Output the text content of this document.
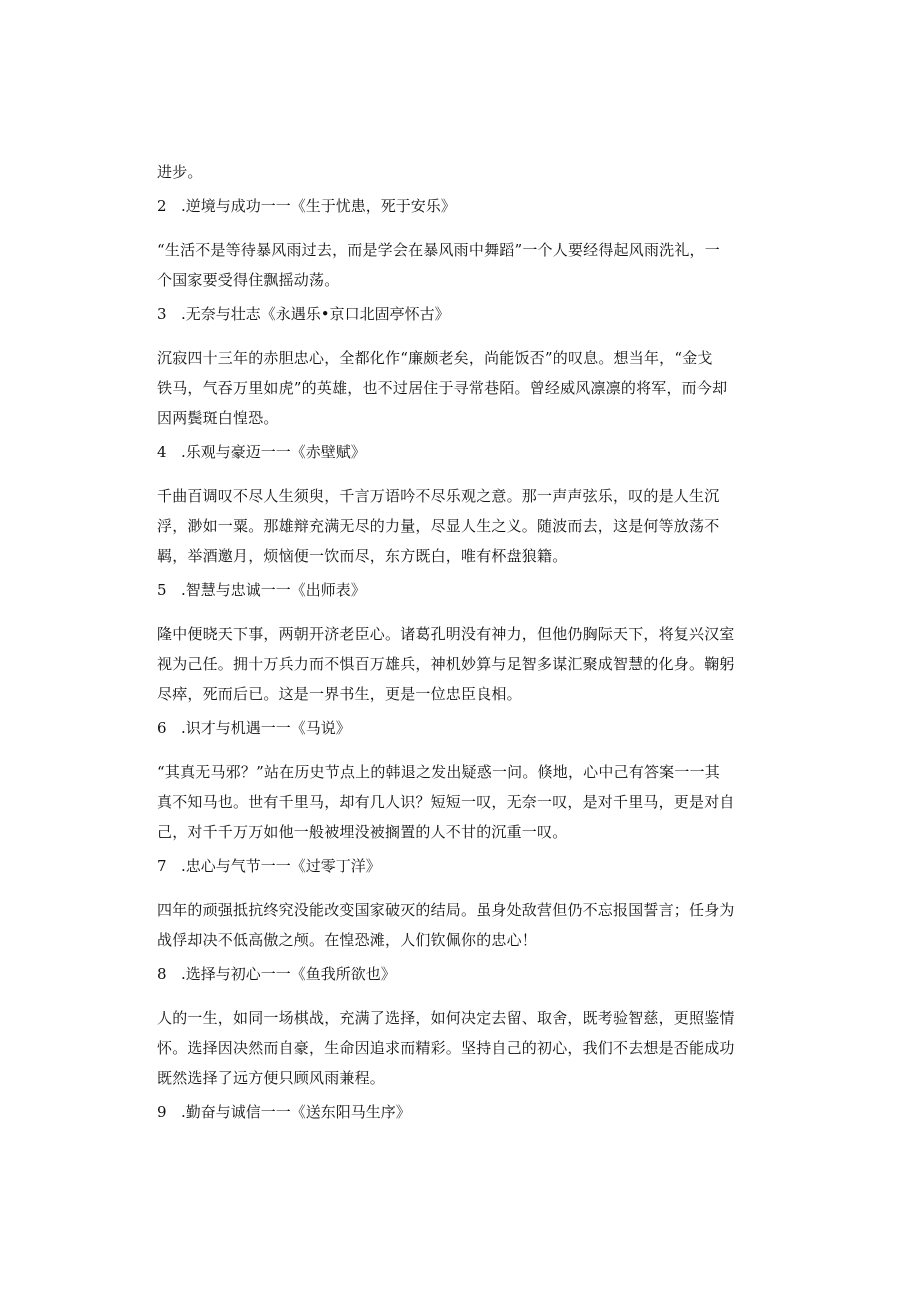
进步。
2 .逆境与成功一一《生于忧患，死于安乐》
“生活不是等待暴风雨过去，而是学会在暴风雨中舞蹈”一个人要经得起风雨洗礼，一
个国家要受得住飘摇动荡。
3 .无奈与壮志《永遇乐•京口北固亭怀古》
沉寂四十三年的赤胆忠心，全都化作“廉颇老矣，尚能饭否”的叹息。想当年，“金戈
铁马，气吞万里如虎”的英雄，也不过居住于寻常巷陌。曾经威风凛凛的将军，而今却
因两鬓斑白惶恐。
4 .乐观与豪迈一一《赤壁赋》
千曲百调叹不尽人生须臾，千言万语吟不尽乐观之意。那一声声弦乐，叹的是人生沉
浮，渺如一粟。那雄辩充满无尽的力量，尽显人生之义。随波而去，这是何等放荡不
羁，举酒邀月，烦恼便一饮而尽，东方既白，唯有杯盘狼籍。
5 .智慧与忠诚一一《出师表》
隆中便晓天下事，两朝开济老臣心。诸葛孔明没有神力，但他仍胸际天下，将复兴汉室
视为己任。拥十万兵力而不惧百万雄兵，神机妙算与足智多谋汇聚成智慧的化身。鞠躬
尽瘁，死而后已。这是一界书生，更是一位忠臣良相。
6 .识才与机遇一一《马说》
“其真无马邪？”站在历史节点上的韩退之发出疑惑一问。倏地，心中己有答案一一其
真不知马也。世有千里马，却有几人识？短短一叹，无奈一叹，是对千里马，更是对自
己，对千千万万如他一般被埋没被搁置的人不甘的沉重一叹。
7 .忠心与气节一一《过零丁洋》
四年的顽强抵抗终究没能改变国家破灭的结局。虽身处敌营但仍不忘报国誓言；任身为
战俘却决不低高傲之颅。在惶恐滩，人们钦佩你的忠心！
8 .选择与初心一一《鱼我所欲也》
人的一生，如同一场棋战，充满了选择，如何决定去留、取舍，既考验智慈，更照鉴情
怀。选择因决然而自豪，生命因追求而精彩。坚持自己的初心，我们不去想是否能成功
既然选择了远方便只顾风雨兼程。
9 .勤奋与诚信一一《送东阳马生序》
